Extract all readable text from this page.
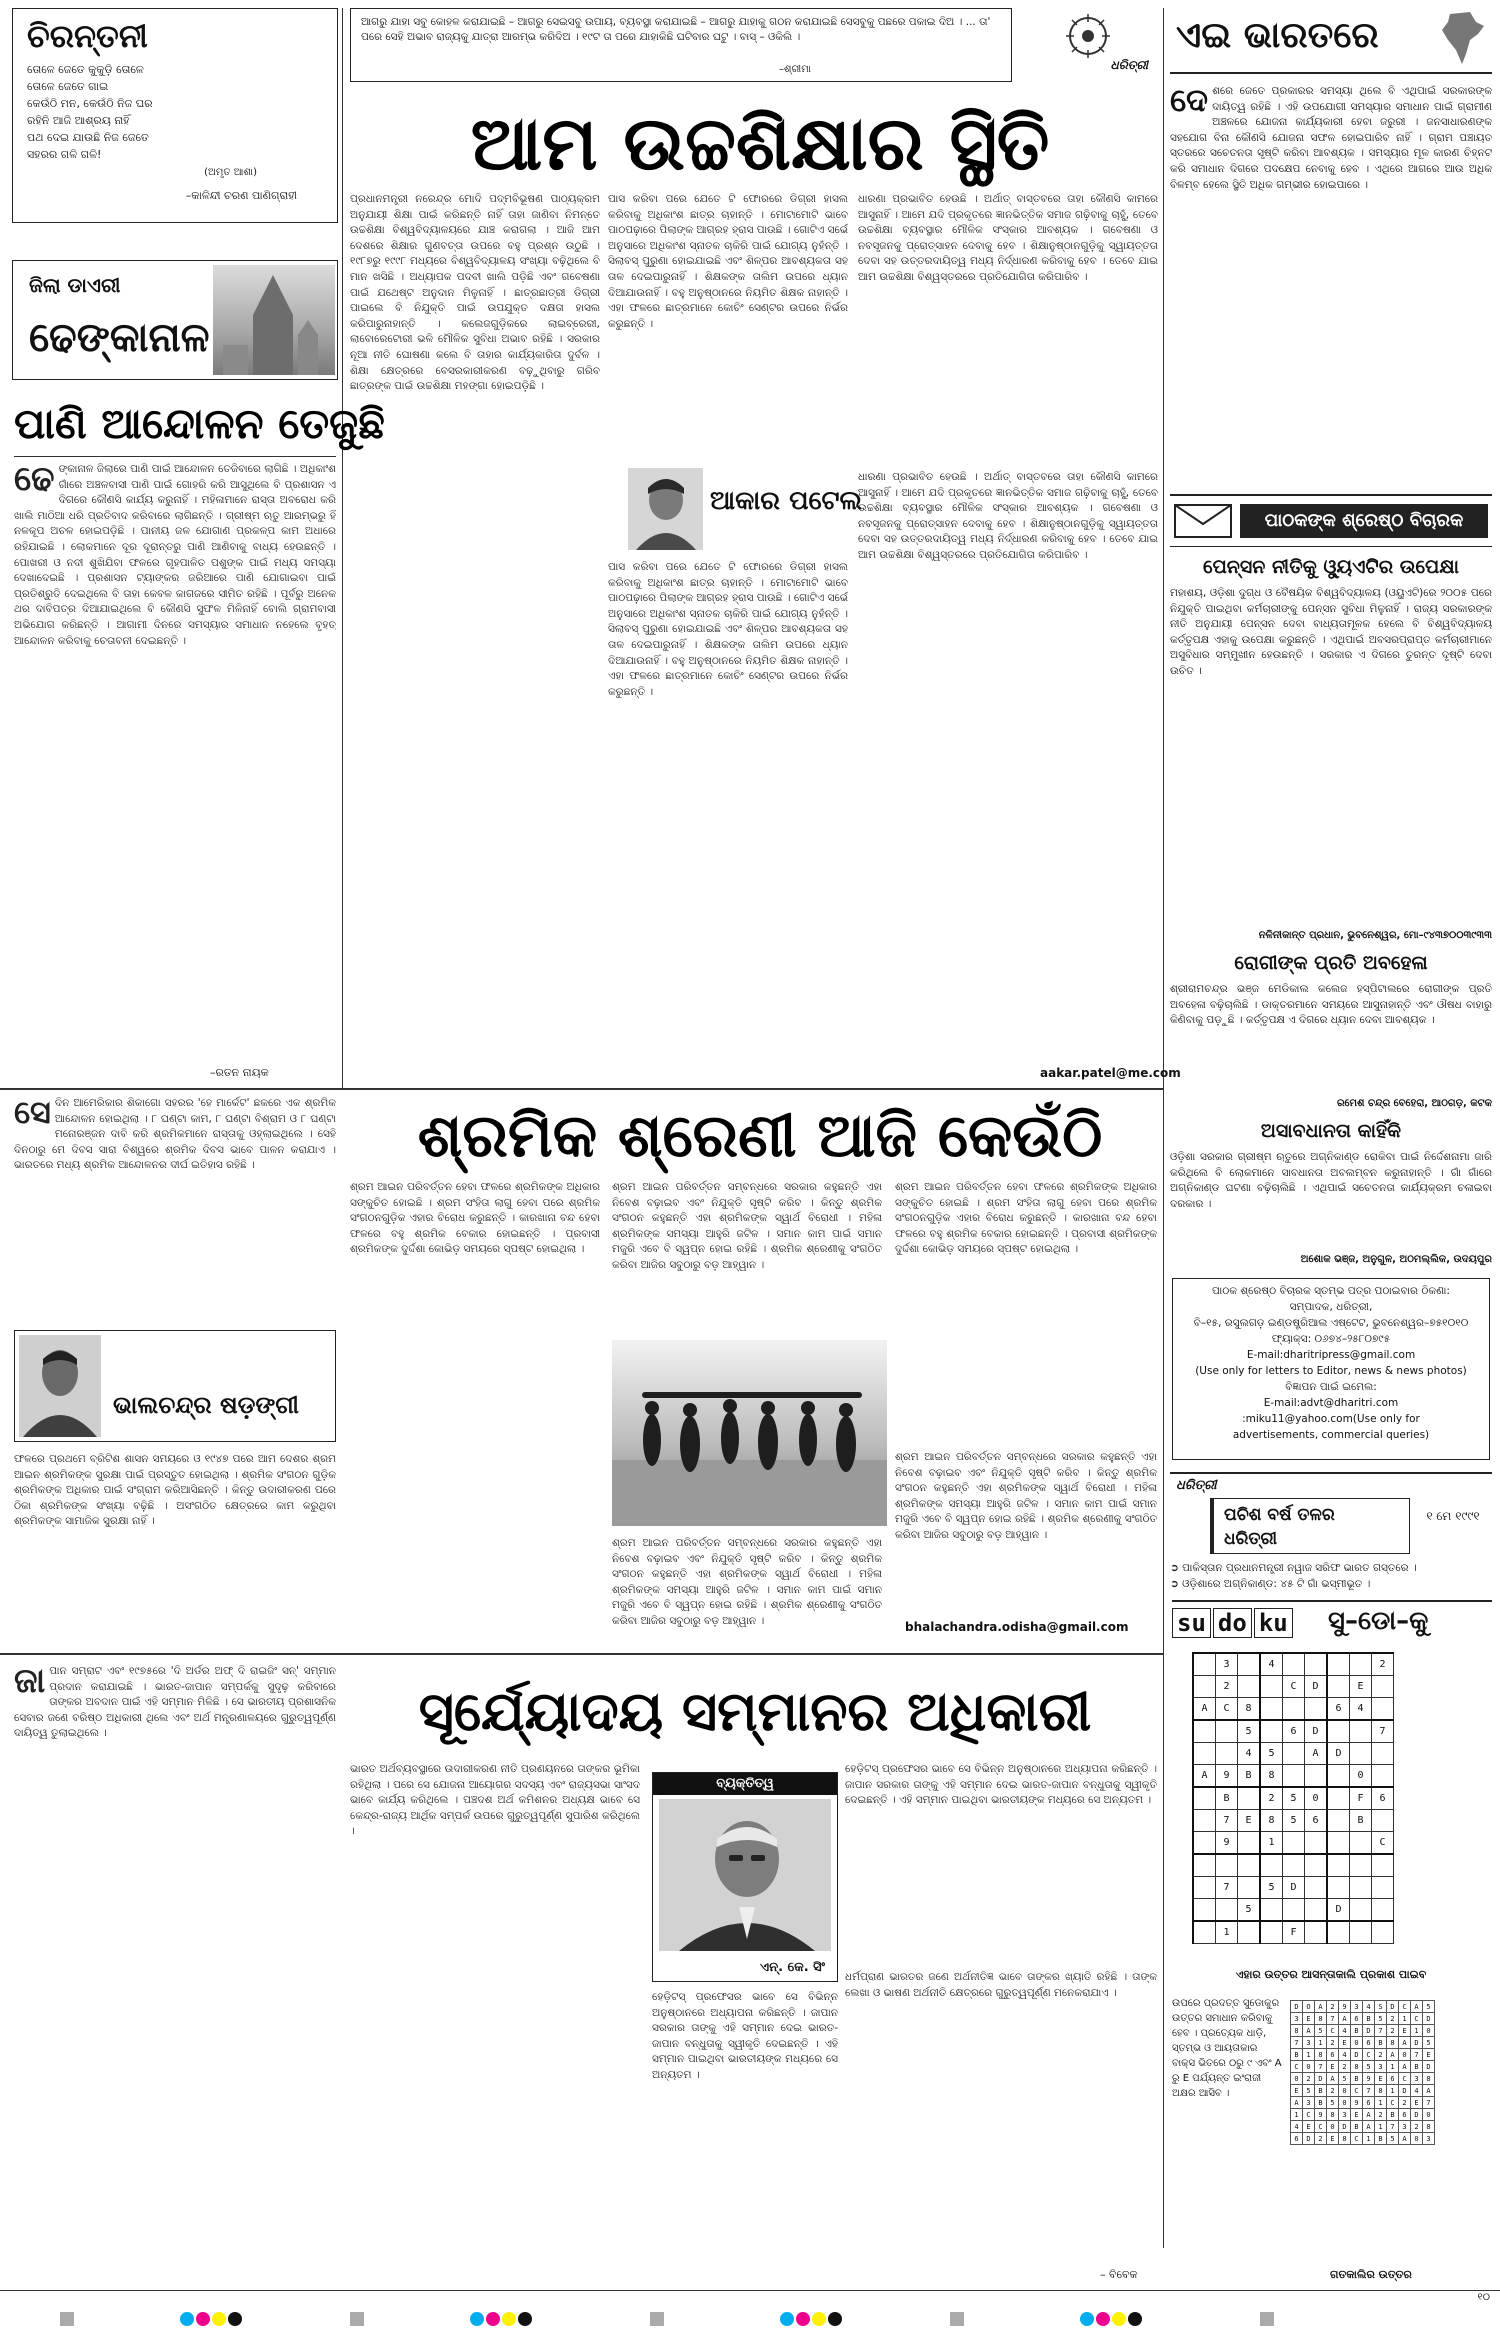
ଚିରନ୍ତନୀ
ତୋଳେ ଜେତେ କୁକୁଡ଼ି ତୋଳେ
ତୋଳେ ଜେତେ ଗାଇ
କେଉଁଠି ମନ, କେଉଁଠି ନିଜ ଘର
ରହିନି ଆଜି ଆଶ୍ରୟ ନାହିଁ
ପଥ ଦେଇ ଯାଉଛି ନିଜ ଜେତେ
ସହରର ଗଳି ଗଳି!
(ଅମୃତ ଆଶା)
–କାଳିନ୍ଦୀ ଚରଣ ପାଣିଗ୍ରାହୀ
ଜିଲା ଡାଏରୀ
ଢେଙ୍କାନାଳ
ପାଣି ଆନ୍ଦୋଳନ ତେଜୁଛି
ଢେ ଙ୍କାନାଳ ଜିଲାରେ ପାଣି ପାଇଁ ଆନ୍ଦୋଳନ ତେଜିବାରେ ଲାଗିଛି । ଅଧିକାଂଶ ଗାଁରେ ଅଞ୍ଚଳବାସୀ ପାଣି ପାଇଁ ଗୋହରି କରି ଆସୁଥିଲେ ବି ପ୍ରଶାସନ ଏ ଦିଗରେ କୌଣସି କାର୍ଯ୍ୟ କରୁନାହିଁ । ମହିଳାମାନେ ରାସ୍ତା ଅବରୋଧ କରି ଖାଲି ମାଠିଆ ଧରି ପ୍ରତିବାଦ କରିବାରେ ଲାଗିଛନ୍ତି । ଗ୍ରୀଷ୍ମ ଋତୁ ଆରମ୍ଭରୁ ହିଁ ନଳକୂପ ଅଚଳ ହୋଇପଡ଼ିଛି । ପାନୀୟ ଜଳ ଯୋଗାଣ ପ୍ରକଳ୍ପ କାମ ଅଧାରେ ରହିଯାଇଛି । ଲୋକମାନେ ଦୂର ଦୂରାନ୍ତରୁ ପାଣି ଆଣିବାକୁ ବାଧ୍ୟ ହେଉଛନ୍ତି । ପୋଖରୀ ଓ ନଦୀ ଶୁଖିଯିବା ଫଳରେ ଗୃହପାଳିତ ପଶୁଙ୍କ ପାଇଁ ମଧ୍ୟ ସମସ୍ୟା ଦେଖାଦେଇଛି । ପ୍ରଶାସନ ଟ୍ୟାଙ୍କର ଜରିଆରେ ପାଣି ଯୋଗାଇବା ପାଇଁ ପ୍ରତିଶ୍ରୁତି ଦେଇଥିଲେ ବି ତାହା କେବଳ କାଗଜରେ ସୀମିତ ରହିଛି । ପୂର୍ବରୁ ଅନେକ ଥର ଦାବିପତ୍ର ଦିଆଯାଇଥିଲେ ବି କୌଣସି ସୁଫଳ ମିଳିନାହିଁ ବୋଲି ଗ୍ରାମବାସୀ ଅଭିଯୋଗ କରିଛନ୍ତି । ଆଗାମୀ ଦିନରେ ସମସ୍ୟାର ସମାଧାନ ନହେଲେ ବୃହତ୍ ଆନ୍ଦୋଳନ କରିବାକୁ ଚେତାବନୀ ଦେଇଛନ୍ତି ।
–ରତନ ନାୟକ
ଆଗରୁ ଯାହା ସବୁ କୋହଳ କରାଯାଇଛି – ଆଗରୁ ସେଇସବୁ ଉପାୟ, ବ୍ୟବସ୍ଥା କରାଯାଇଛି – ଆଗରୁ ଯାହାକୁ ଗଠନ କରାଯାଇଛି ସେସବୁକୁ ପଛରେ ପକାଇ ଦିଅ । ... ତା' ପରେ ସେହି ଅଭାବ ରାଜ୍ୟକୁ ଯାତ୍ରା ଆରମ୍ଭ କରିଦିଅ । ୧୯ଟ ତା ପରେ ଯାହାକିଛି ଘଟିବାର ଘଟୁ । ବାସ୍ – ଓକିଲି ।
–ଶ୍ରୀମା	ଧରିତ୍ରୀ
ଆମ ଉଚ୍ଚଶିକ୍ଷାର ସ୍ଥିତି
ପ୍ରଧାନମନ୍ତ୍ରୀ ନରେନ୍ଦ୍ର ମୋଦି ପଦ୍ମବିଭୂଷଣ ପାଠ୍ୟକ୍ରମ ଅନୁଯାୟୀ ଶିକ୍ଷା ପାଇଁ କରିଛନ୍ତି ନାହିଁ ତାହା ଜାଣିବା ନିମନ୍ତେ ଉଚ୍ଚଶିକ୍ଷା ବିଶ୍ୱବିଦ୍ୟାଳୟରେ ଯାଞ୍ଚ କରାଗଲା । ଆଜି ଆମ ଦେଶରେ ଶିକ୍ଷାର ଗୁଣବତ୍ତା ଉପରେ ବହୁ ପ୍ରଶ୍ନ ଉଠୁଛି । ୧୯୮୭ରୁ ୧୯୯୮ ମଧ୍ୟରେ ବିଶ୍ୱବିଦ୍ୟାଳୟ ସଂଖ୍ୟା ବଢ଼ିଥିଲେ ବି ମାନ ଖସିଛି । ଅଧ୍ୟାପକ ପଦବୀ ଖାଲି ପଡ଼ିଛି ଏବଂ ଗବେଷଣା ପାଇଁ ଯଥେଷ୍ଟ ଅନୁଦାନ ମିଳୁନାହିଁ । ଛାତ୍ରଛାତ୍ରୀ ଡିଗ୍ରୀ ପାଇଲେ ବି ନିଯୁକ୍ତି ପାଇଁ ଉପଯୁକ୍ତ ଦକ୍ଷତା ହାସଲ କରିପାରୁନାହାନ୍ତି । କଲେଜଗୁଡ଼ିକରେ ଲାଇବ୍ରେରୀ, ଲାବୋରେଟୋରୀ ଭଳି ମୌଳିକ ସୁବିଧା ଅଭାବ ରହିଛି । ସରକାର ନୂଆ ନୀତି ଘୋଷଣା କଲେ ବି ତାହାର କାର୍ଯ୍ୟକାରିତା ଦୁର୍ବଳ । ଶିକ୍ଷା କ୍ଷେତ୍ରରେ ବେସରକାରୀକରଣ ବଢ଼ୁଥିବାରୁ ଗରିବ ଛାତ୍ରଙ୍କ ପାଇଁ ଉଚ୍ଚଶିକ୍ଷା ମହଙ୍ଗା ହୋଇପଡ଼ିଛି ।
ପାସ କରିବା ପରେ ଯେତେ ଟି ଫୋରରେ ଡିଗ୍ରୀ ହାସଲ କରିବାକୁ ଅଧିକାଂଶ ଛାତ୍ର ଚାହାନ୍ତି । ମୋଟାମୋଟି ଭାବେ ପାଠପଢ଼ାରେ ପିଲାଙ୍କ ଆଗ୍ରହ ହ୍ରାସ ପାଉଛି । ଗୋଟିଏ ସର୍ଭେ ଅନୁସାରେ ଅଧିକାଂଶ ସ୍ନାତକ ଚାକିରି ପାଇଁ ଯୋଗ୍ୟ ନୁହଁନ୍ତି । ସିଲାବସ୍ ପୁରୁଣା ହୋଇଯାଇଛି ଏବଂ ଶିଳ୍ପର ଆବଶ୍ୟକତା ସହ ତାଳ ଦେଇପାରୁନାହିଁ । ଶିକ୍ଷକଙ୍କ ତାଲିମ ଉପରେ ଧ୍ୟାନ ଦିଆଯାଉନାହିଁ । ବହୁ ଅନୁଷ୍ଠାନରେ ନିୟମିତ ଶିକ୍ଷକ ନାହାନ୍ତି । ଏହା ଫଳରେ ଛାତ୍ରମାନେ କୋଚିଂ ସେଣ୍ଟର ଉପରେ ନିର୍ଭର କରୁଛନ୍ତି ।
ଧାରଣା ପ୍ରଭାବିତ ହେଉଛି । ଅର୍ଥାତ୍ ବାସ୍ତବରେ ତାହା କୌଣସି କାମରେ ଆସୁନାହିଁ । ଆମେ ଯଦି ପ୍ରକୃତରେ ଜ୍ଞାନଭିତ୍ତିକ ସମାଜ ଗଢ଼ିବାକୁ ଚାହୁଁ, ତେବେ ଉଚ୍ଚଶିକ୍ଷା ବ୍ୟବସ୍ଥାର ମୌଳିକ ସଂସ୍କାର ଆବଶ୍ୟକ । ଗବେଷଣା ଓ ନବସୃଜନକୁ ପ୍ରୋତ୍ସାହନ ଦେବାକୁ ହେବ । ଶିକ୍ଷାନୁଷ୍ଠାନଗୁଡ଼ିକୁ ସ୍ୱାୟତ୍ତତା ଦେବା ସହ ଉତ୍ତରଦାୟିତ୍ୱ ମଧ୍ୟ ନିର୍ଦ୍ଧାରଣ କରିବାକୁ ହେବ । ତେବେ ଯାଇ ଆମ ଉଚ୍ଚଶିକ୍ଷା ବିଶ୍ୱସ୍ତରରେ ପ୍ରତିଯୋଗିତା କରିପାରିବ ।
ଆକାର ପଟେଲ
ପାସ କରିବା ପରେ ଯେତେ ଟି ଫୋରରେ ଡିଗ୍ରୀ ହାସଲ କରିବାକୁ ଅଧିକାଂଶ ଛାତ୍ର ଚାହାନ୍ତି । ମୋଟାମୋଟି ଭାବେ ପାଠପଢ଼ାରେ ପିଲାଙ୍କ ଆଗ୍ରହ ହ୍ରାସ ପାଉଛି । ଗୋଟିଏ ସର୍ଭେ ଅନୁସାରେ ଅଧିକାଂଶ ସ୍ନାତକ ଚାକିରି ପାଇଁ ଯୋଗ୍ୟ ନୁହଁନ୍ତି । ସିଲାବସ୍ ପୁରୁଣା ହୋଇଯାଇଛି ଏବଂ ଶିଳ୍ପର ଆବଶ୍ୟକତା ସହ ତାଳ ଦେଇପାରୁନାହିଁ । ଶିକ୍ଷକଙ୍କ ତାଲିମ ଉପରେ ଧ୍ୟାନ ଦିଆଯାଉନାହିଁ । ବହୁ ଅନୁଷ୍ଠାନରେ ନିୟମିତ ଶିକ୍ଷକ ନାହାନ୍ତି । ଏହା ଫଳରେ ଛାତ୍ରମାନେ କୋଚିଂ ସେଣ୍ଟର ଉପରେ ନିର୍ଭର କରୁଛନ୍ତି ।
ଧାରଣା ପ୍ରଭାବିତ ହେଉଛି । ଅର୍ଥାତ୍ ବାସ୍ତବରେ ତାହା କୌଣସି କାମରେ ଆସୁନାହିଁ । ଆମେ ଯଦି ପ୍ରକୃତରେ ଜ୍ଞାନଭିତ୍ତିକ ସମାଜ ଗଢ଼ିବାକୁ ଚାହୁଁ, ତେବେ ଉଚ୍ଚଶିକ୍ଷା ବ୍ୟବସ୍ଥାର ମୌଳିକ ସଂସ୍କାର ଆବଶ୍ୟକ । ଗବେଷଣା ଓ ନବସୃଜନକୁ ପ୍ରୋତ୍ସାହନ ଦେବାକୁ ହେବ । ଶିକ୍ଷାନୁଷ୍ଠାନଗୁଡ଼ିକୁ ସ୍ୱାୟତ୍ତତା ଦେବା ସହ ଉତ୍ତରଦାୟିତ୍ୱ ମଧ୍ୟ ନିର୍ଦ୍ଧାରଣ କରିବାକୁ ହେବ । ତେବେ ଯାଇ ଆମ ଉଚ୍ଚଶିକ୍ଷା ବିଶ୍ୱସ୍ତରରେ ପ୍ରତିଯୋଗିତା କରିପାରିବ ।
aakar.patel@me.com
ସେ ଦିନ ଆମେରିକାର ଶିକାଗୋ ସହରର 'ହେ ମାର୍କେଟ' ଛକରେ ଏକ ଶ୍ରମିକ ଆନ୍ଦୋଳନ ହୋଇଥିଲା । ୮ ଘଣ୍ଟା କାମ, ୮ ଘଣ୍ଟା ବିଶ୍ରାମ ଓ ୮ ଘଣ୍ଟା ମନୋରଞ୍ଜନ ଦାବି କରି ଶ୍ରମିକମାନେ ରାସ୍ତାକୁ ଓହ୍ଲାଇଥିଲେ । ସେହି ଦିନଠାରୁ ମେ ଦିବସ ସାରା ବିଶ୍ୱରେ ଶ୍ରମିକ ଦିବସ ଭାବେ ପାଳନ କରାଯାଏ । ଭାରତରେ ମଧ୍ୟ ଶ୍ରମିକ ଆନ୍ଦୋଳନର ଦୀର୍ଘ ଇତିହାସ ରହିଛି ।	ଶ୍ରମିକ ଶ୍ରେଣୀ ଆଜି କେଉଁଠି
ଭାଲଚନ୍ଦ୍ର ଷଡ଼ଙ୍ଗୀ
ଫଳରେ ପ୍ରଥମେ ବ୍ରିଟିଶ ଶାସନ ସମୟରେ ଓ ୧୯୪୭ ପରେ ଆମ ଦେଶର ଶ୍ରମ ଆଇନ ଶ୍ରମିକଙ୍କ ସୁରକ୍ଷା ପାଇଁ ପ୍ରସ୍ତୁତ ହୋଇଥିଲା । ଶ୍ରମିକ ସଂଗଠନ ଗୁଡ଼ିକ ଶ୍ରମିକଙ୍କ ଅଧିକାର ପାଇଁ ସଂଗ୍ରାମ କରିଆସିଛନ୍ତି । କିନ୍ତୁ ଉଦାରୀକରଣ ପରେ ଠିକା ଶ୍ରମିକଙ୍କ ସଂଖ୍ୟା ବଢ଼ିଛି । ଅସଂଗଠିତ କ୍ଷେତ୍ରରେ କାମ କରୁଥିବା ଶ୍ରମିକଙ୍କ ସାମାଜିକ ସୁରକ୍ଷା ନାହିଁ ।
ଶ୍ରମ ଆଇନ ପରିବର୍ତ୍ତନ ହେବା ଫଳରେ ଶ୍ରମିକଙ୍କ ଅଧିକାର ସଙ୍କୁଚିତ ହୋଇଛି । ଶ୍ରମ ସଂହିତା ଲାଗୁ ହେବା ପରେ ଶ୍ରମିକ ସଂଗଠନଗୁଡ଼ିକ ଏହାର ବିରୋଧ କରୁଛନ୍ତି । କାରଖାନା ବନ୍ଦ ହେବା ଫଳରେ ବହୁ ଶ୍ରମିକ ବେକାର ହୋଇଛନ୍ତି । ପ୍ରବାସୀ ଶ୍ରମିକଙ୍କ ଦୁର୍ଦ୍ଦଶା କୋଭିଡ଼ ସମୟରେ ସ୍ପଷ୍ଟ ହୋଇଥିଲା ।
ଶ୍ରମ ଆଇନ ପରିବର୍ତ୍ତନ ସମ୍ବନ୍ଧରେ ସରକାର କହୁଛନ୍ତି ଏହା ନିବେଶ ବଢ଼ାଇବ ଏବଂ ନିଯୁକ୍ତି ସୃଷ୍ଟି କରିବ । କିନ୍ତୁ ଶ୍ରମିକ ସଂଗଠନ କହୁଛନ୍ତି ଏହା ଶ୍ରମିକଙ୍କ ସ୍ୱାର୍ଥ ବିରୋଧୀ । ମହିଳା ଶ୍ରମିକଙ୍କ ସମସ୍ୟା ଆହୁରି ଜଟିଳ । ସମାନ କାମ ପାଇଁ ସମାନ ମଜୁରି ଏବେ ବି ସ୍ୱପ୍ନ ହୋଇ ରହିଛି । ଶ୍ରମିକ ଶ୍ରେଣୀକୁ ସଂଗଠିତ କରିବା ଆଜିର ସବୁଠାରୁ ବଡ଼ ଆହ୍ୱାନ ।
ଶ୍ରମ ଆଇନ ପରିବର୍ତ୍ତନ ହେବା ଫଳରେ ଶ୍ରମିକଙ୍କ ଅଧିକାର ସଙ୍କୁଚିତ ହୋଇଛି । ଶ୍ରମ ସଂହିତା ଲାଗୁ ହେବା ପରେ ଶ୍ରମିକ ସଂଗଠନଗୁଡ଼ିକ ଏହାର ବିରୋଧ କରୁଛନ୍ତି । କାରଖାନା ବନ୍ଦ ହେବା ଫଳରେ ବହୁ ଶ୍ରମିକ ବେକାର ହୋଇଛନ୍ତି । ପ୍ରବାସୀ ଶ୍ରମିକଙ୍କ ଦୁର୍ଦ୍ଦଶା କୋଭିଡ଼ ସମୟରେ ସ୍ପଷ୍ଟ ହୋଇଥିଲା ।
ଶ୍ରମ ଆଇନ ପରିବର୍ତ୍ତନ ସମ୍ବନ୍ଧରେ ସରକାର କହୁଛନ୍ତି ଏହା ନିବେଶ ବଢ଼ାଇବ ଏବଂ ନିଯୁକ୍ତି ସୃଷ୍ଟି କରିବ । କିନ୍ତୁ ଶ୍ରମିକ ସଂଗଠନ କହୁଛନ୍ତି ଏହା ଶ୍ରମିକଙ୍କ ସ୍ୱାର୍ଥ ବିରୋଧୀ । ମହିଳା ଶ୍ରମିକଙ୍କ ସମସ୍ୟା ଆହୁରି ଜଟିଳ । ସମାନ କାମ ପାଇଁ ସମାନ ମଜୁରି ଏବେ ବି ସ୍ୱପ୍ନ ହୋଇ ରହିଛି । ଶ୍ରମିକ ଶ୍ରେଣୀକୁ ସଂଗଠିତ କରିବା ଆଜିର ସବୁଠାରୁ ବଡ଼ ଆହ୍ୱାନ ।
ଶ୍ରମ ଆଇନ ପରିବର୍ତ୍ତନ ସମ୍ବନ୍ଧରେ ସରକାର କହୁଛନ୍ତି ଏହା ନିବେଶ ବଢ଼ାଇବ ଏବଂ ନିଯୁକ୍ତି ସୃଷ୍ଟି କରିବ । କିନ୍ତୁ ଶ୍ରମିକ ସଂଗଠନ କହୁଛନ୍ତି ଏହା ଶ୍ରମିକଙ୍କ ସ୍ୱାର୍ଥ ବିରୋଧୀ । ମହିଳା ଶ୍ରମିକଙ୍କ ସମସ୍ୟା ଆହୁରି ଜଟିଳ । ସମାନ କାମ ପାଇଁ ସମାନ ମଜୁରି ଏବେ ବି ସ୍ୱପ୍ନ ହୋଇ ରହିଛି । ଶ୍ରମିକ ଶ୍ରେଣୀକୁ ସଂଗଠିତ କରିବା ଆଜିର ସବୁଠାରୁ ବଡ଼ ଆହ୍ୱାନ ।
bhalachandra.odisha@gmail.com
ଜା ପାନ ସମ୍ରାଟ ଏବଂ ୧୯୭୫ରେ 'ଦି ଅର୍ଡର ଅଫ୍ ଦି ରାଇଜିଂ ସନ୍' ସମ୍ମାନ ପ୍ରଦାନ କରାଯାଇଛି । ଭାରତ-ଜାପାନ ସମ୍ପର୍କକୁ ସୁଦୃଢ଼ କରିବାରେ ତାଙ୍କର ଅବଦାନ ପାଇଁ ଏହି ସମ୍ମାନ ମିଳିଛି । ସେ ଭାରତୀୟ ପ୍ରଶାସନିକ ସେବାର ଜଣେ ବରିଷ୍ଠ ଅଧିକାରୀ ଥିଲେ ଏବଂ ଅର୍ଥ ମନ୍ତ୍ରଣାଳୟରେ ଗୁରୁତ୍ୱପୂର୍ଣ୍ଣ ଦାୟିତ୍ୱ ତୁଲାଇଥିଲେ ।	ସୂର୍ଯ୍ୟୋଦୟ ସମ୍ମାନର ଅଧିକାରୀ
ଭାରତ ଅର୍ଥବ୍ୟବସ୍ଥାରେ ଉଦାରୀକରଣ ନୀତି ପ୍ରଣୟନରେ ତାଙ୍କର ଭୂମିକା ରହିଥିଲା । ପରେ ସେ ଯୋଜନା ଆୟୋଗର ସଦସ୍ୟ ଏବଂ ରାଜ୍ୟସଭା ସାଂସଦ ଭାବେ କାର୍ଯ୍ୟ କରିଥିଲେ । ପଞ୍ଚଦଶ ଅର୍ଥ କମିଶନର ଅଧ୍ୟକ୍ଷ ଭାବେ ସେ କେନ୍ଦ୍ର-ରାଜ୍ୟ ଆର୍ଥିକ ସମ୍ପର୍କ ଉପରେ ଗୁରୁତ୍ୱପୂର୍ଣ୍ଣ ସୁପାରିଶ କରିଥିଲେ ।
ହେଡ଼ିଟସ୍ ପ୍ରଫେସର ଭାବେ ସେ ବିଭିନ୍ନ ଅନୁଷ୍ଠାନରେ ଅଧ୍ୟାପନା କରିଛନ୍ତି । ଜାପାନ ସରକାର ତାଙ୍କୁ ଏହି ସମ୍ମାନ ଦେଇ ଭାରତ-ଜାପାନ ବନ୍ଧୁତାକୁ ସ୍ୱୀକୃତି ଦେଇଛନ୍ତି । ଏହି ସମ୍ମାନ ପାଇଥିବା ଭାରତୀୟଙ୍କ ମଧ୍ୟରେ ସେ ଅନ୍ୟତମ ।
ବ୍ୟକ୍ତିତ୍ୱ
ଏନ୍. କେ. ସିଂ
ହେଡ଼ିଟସ୍ ପ୍ରଫେସର ଭାବେ ସେ ବିଭିନ୍ନ ଅନୁଷ୍ଠାନରେ ଅଧ୍ୟାପନା କରିଛନ୍ତି । ଜାପାନ ସରକାର ତାଙ୍କୁ ଏହି ସମ୍ମାନ ଦେଇ ଭାରତ-ଜାପାନ ବନ୍ଧୁତାକୁ ସ୍ୱୀକୃତି ଦେଇଛନ୍ତି । ଏହି ସମ୍ମାନ ପାଇଥିବା ଭାରତୀୟଙ୍କ ମଧ୍ୟରେ ସେ ଅନ୍ୟତମ ।
ଧର୍ମପ୍ରାଣ ଭାରତର ଜଣେ ଅର୍ଥନୀତିଜ୍ଞ ଭାବେ ତାଙ୍କର ଖ୍ୟାତି ରହିଛି । ତାଙ୍କ ଲେଖା ଓ ଭାଷଣ ଅର୍ଥନୀତି କ୍ଷେତ୍ରରେ ଗୁରୁତ୍ୱପୂର୍ଣ୍ଣ ମନେକରାଯାଏ ।
– ବିବେକ
ଏଇ ଭାରତରେ
ଦେ ଶରେ ଜେତେ ପ୍ରକାରର ସମସ୍ୟା ଥିଲେ ବି ଏଥିପାଇଁ ସରକାରଙ୍କ ଦାୟିତ୍ୱ ରହିଛି । ଏହି ଉପଯୋଗୀ ସମସ୍ୟାର ସମାଧାନ ପାଇଁ ଗ୍ରାମୀଣ ଅଞ୍ଚଳରେ ଯୋଜନା କାର୍ଯ୍ୟକାରୀ ହେବା ଜରୁରୀ । ଜନସାଧାରଣଙ୍କ ସହଯୋଗ ବିନା କୌଣସି ଯୋଜନା ସଫଳ ହୋଇପାରିବ ନାହିଁ । ଗ୍ରାମ ପଞ୍ଚାୟତ ସ୍ତରରେ ସଚେତନତା ସୃଷ୍ଟି କରିବା ଆବଶ୍ୟକ । ସମସ୍ୟାର ମୂଳ କାରଣ ଚିହ୍ନଟ କରି ସମାଧାନ ଦିଗରେ ପଦକ୍ଷେପ ନେବାକୁ ହେବ । ଏଥିରେ ଆଗରେ ଆଉ ଅଧିକ ବିଳମ୍ବ ହେଲେ ସ୍ଥିତି ଅଧିକ ଗମ୍ଭୀର ହୋଇପାରେ ।
ପାଠକଙ୍କ ଶ୍ରେଷ୍ଠ ବିଚାରକ
ପେନ୍ସନ ନୀତିକୁ ଓ୍ୟୁଏଟିର ଉପେକ୍ଷା
ମହାଶୟ, ଓଡ଼ିଶା ଦୁଗ୍ଧ ଓ ବୈଷୟିକ ବିଶ୍ୱବିଦ୍ୟାଳୟ (ଓୟୁଏଟି)ରେ ୨୦୦୫ ପରେ ନିଯୁକ୍ତି ପାଇଥିବା କର୍ମଚାରୀଙ୍କୁ ପେନ୍ସନ ସୁବିଧା ମିଳୁନାହିଁ । ରାଜ୍ୟ ସରକାରଙ୍କ ନୀତି ଅନୁଯାୟୀ ପେନ୍ସନ ଦେବା ବାଧ୍ୟତାମୂଳକ ହେଲେ ବି ବିଶ୍ୱବିଦ୍ୟାଳୟ କର୍ତ୍ତୃପକ୍ଷ ଏହାକୁ ଉପେକ୍ଷା କରୁଛନ୍ତି । ଏଥିପାଇଁ ଅବସରପ୍ରାପ୍ତ କର୍ମଚାରୀମାନେ ଅସୁବିଧାର ସମ୍ମୁଖୀନ ହେଉଛନ୍ତି । ସରକାର ଏ ଦିଗରେ ତୁରନ୍ତ ଦୃଷ୍ଟି ଦେବା ଉଚିତ ।
ନଳିନୀକାନ୍ତ ପ୍ରଧାନ, ଭୁବନେଶ୍ୱର, ମୋ–୯୪୩୭୦୦୩୯୩୩
ରୋଗୀଙ୍କ ପ୍ରତି ଅବହେଳା
ଶ୍ରୀରାମଚନ୍ଦ୍ର ଭଞ୍ଜ ମେଡିକାଲ କଲେଜ ହସ୍ପିଟାଲରେ ରୋଗୀଙ୍କ ପ୍ରତି ଅବହେଳା ବଢ଼ିଚାଲିଛି । ଡାକ୍ତରମାନେ ସମୟରେ ଆସୁନାହାନ୍ତି ଏବଂ ଔଷଧ ବାହାରୁ କିଣିବାକୁ ପଡ଼ୁଛି । କର୍ତ୍ତୃପକ୍ଷ ଏ ଦିଗରେ ଧ୍ୟାନ ଦେବା ଆବଶ୍ୟକ ।
ରମେଶ ଚନ୍ଦ୍ର ବେହେରା, ଆଠଗଡ଼, କଟକ
ଅସାବଧାନତା କାହିଁକି
ଓଡ଼ିଶା ସରକାର ଗ୍ରୀଷ୍ମ ଋତୁରେ ଅଗ୍ନିକାଣ୍ଡ ରୋକିବା ପାଇଁ ନିର୍ଦ୍ଦେଶନାମା ଜାରି କରିଥିଲେ ବି ଲୋକମାନେ ସାବଧାନତା ଅବଲମ୍ବନ କରୁନାହାନ୍ତି । ଗାଁ ଗାଁରେ ଅଗ୍ନିକାଣ୍ଡ ଘଟଣା ବଢ଼ିଚାଲିଛି । ଏଥିପାଇଁ ସଚେତନତା କାର୍ଯ୍ୟକ୍ରମ ଚଳାଇବା ଦରକାର ।
ଅଶୋକ ଭଞ୍ଜ, ଅନୁଗୁଳ, ଅଠମଲ୍ଲିକ, ଉଦୟପୁର
ପାଠକ ଶ୍ରେଷ୍ଠ ବିଚାରକ ସ୍ତମ୍ଭ ପତ୍ର ପଠାଇବାର ଠିକଣା:
ସମ୍ପାଦକ, ଧରିତ୍ରୀ,
ବି–୧୫, ରସୁଲଗଡ଼ ଇଣ୍ଡଷ୍ଟ୍ରିଆଲ ଏଷ୍ଟେଟ, ଭୁବନେଶ୍ୱର–୭୫୧୦୧୦
ଫ୍ୟାକ୍ସ: ୦୬୭୪–୨୫୮୦୭୯୫
E-mail:dharitripress@gmail.com
(Use only for letters to Editor, news & news photos)
ବିଜ୍ଞାପନ ପାଇଁ ଇମେଲ:
E-mail:advt@dharitri.com
:miku11@yahoo.com(Use only for
advertisements, commercial queries)
ଧରିତ୍ରୀ
ପଚିଶ ବର୍ଷ ତଳର ଧରିତ୍ରୀ
୧ ମେ ୧୯୯୧
➲ ପାକିସ୍ତାନ ପ୍ରଧାନମନ୍ତ୍ରୀ ନୱାଜ ସରିଫ ଭାରତ ଗସ୍ତରେ ।
➲ ଓଡ଼ିଶାରେ ଅଗ୍ନିକାଣ୍ଡ: ୪୫ ଟି ଗାଁ ଭସ୍ମୀଭୂତ ।
su do ku ସୁ–ଡୋ–କୁ
	3		4					2
	2			C	D		E	
A	C	8				6	4	
		5		6	D			7
		4	5		A	D		
A	9	B	8				0	
	B		2	5	0		F	6
	7	E	8	5	6		B	
	9		1					C

	7		5	D				
		5				D		
	1			F				
ଏହାର ଉତ୍ତର ଆସନ୍ତାକାଲି ପ୍ରକାଶ ପାଇବ
ଉପରେ ପ୍ରଦତ୍ତ ସୁଡୋକୁର ଉତ୍ତର ସମାଧାନ କରିବାକୁ ହେବ । ପ୍ରତ୍ୟେକ ଧାଡ଼ି, ସ୍ତମ୍ଭ ଓ ଆୟତାକାର ବାକ୍ସ ଭିତରେ ୦ରୁ ୯ ଏବଂ A ରୁ E ପର୍ଯ୍ୟନ୍ତ ଇଂରାଜୀ ଅକ୍ଷର ଆସିବ ।
D	O	A	2	9	3	4	S	D	C	A	5
3	E	8	7	A	6	B	5	2	1	C	D
8	A	5	C	4	B	D	7	2	E	1	0
7	3	1	2	E	0	6	B	8	A	D	5
B	1	8	6	4	D	C	2	A	0	7	E
C	0	7	E	2	8	5	3	1	A	B	D
0	2	D	A	5	B	9	E	6	C	3	8
E	5	B	2	0	C	7	8	1	D	4	A
A	3	B	5	0	9	6	1	C	2	E	7
1	C	9	8	3	E	A	2	B	6	D	0
4	E	C	0	D	B	A	1	7	3	2	8
6	D	2	E	8	C	1	B	5	A	0	3
ଗତକାଲିର ଉତ୍ତର
୧୦
